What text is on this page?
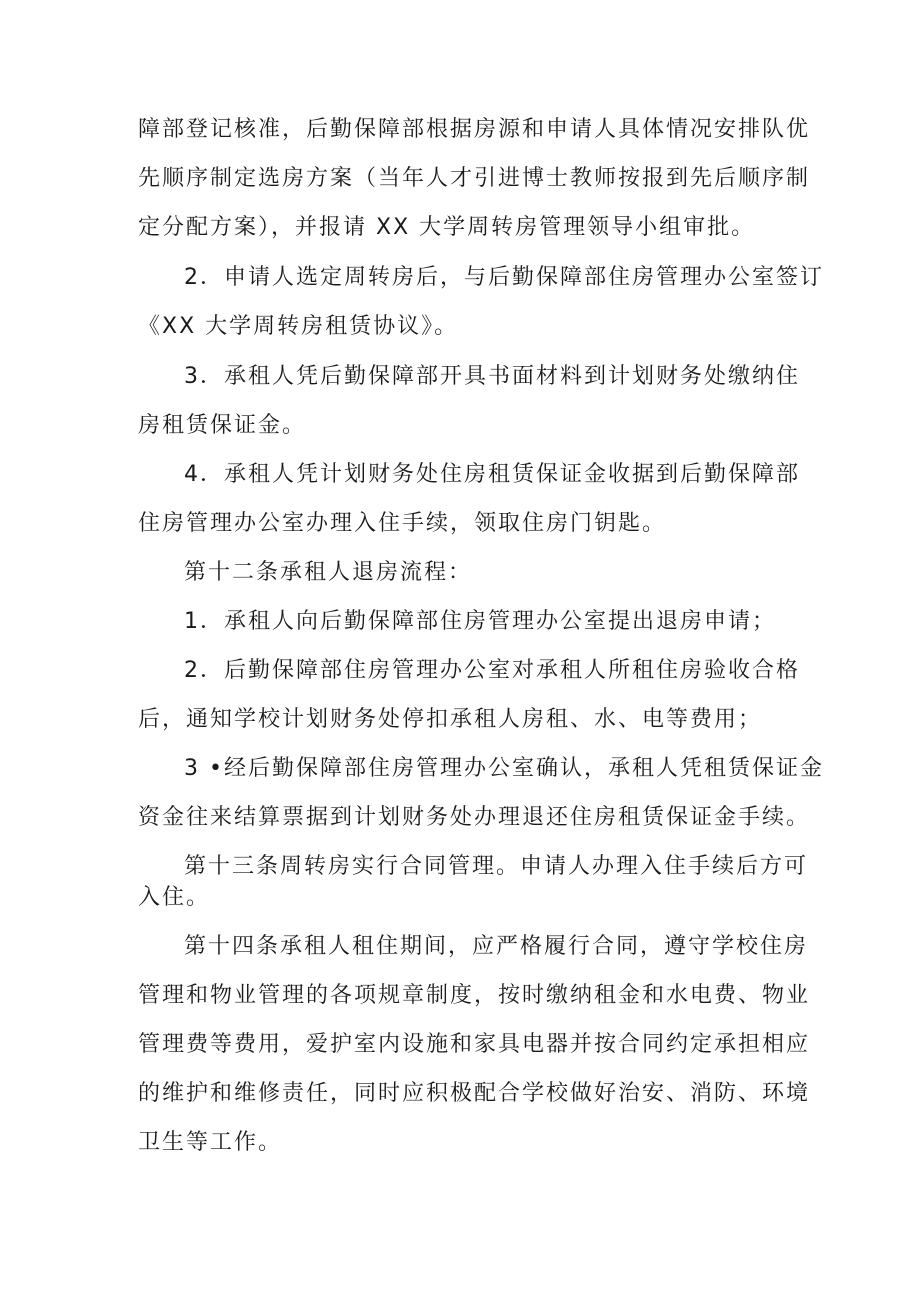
障部登记核准，后勤保障部根据房源和申请人具体情况安排队优
先顺序制定选房方案（当年人才引进博士教师按报到先后顺序制
定分配方案），并报请 XX 大学周转房管理领导小组审批。
2．申请人选定周转房后，与后勤保障部住房管理办公室签订
《XX 大学周转房租赁协议》。
3．承租人凭后勤保障部开具书面材料到计划财务处缴纳住
房租赁保证金。
4．承租人凭计划财务处住房租赁保证金收据到后勤保障部
住房管理办公室办理入住手续，领取住房门钥匙。
第十二条承租人退房流程：
1．承租人向后勤保障部住房管理办公室提出退房申请；
2．后勤保障部住房管理办公室对承租人所租住房验收合格
后，通知学校计划财务处停扣承租人房租、水、电等费用；
3 •经后勤保障部住房管理办公室确认，承租人凭租赁保证金
资金往来结算票据到计划财务处办理退还住房租赁保证金手续。
第十三条周转房实行合同管理。申请人办理入住手续后方可
入住。
第十四条承租人租住期间，应严格履行合同，遵守学校住房
管理和物业管理的各项规章制度，按时缴纳租金和水电费、物业
管理费等费用，爱护室内设施和家具电器并按合同约定承担相应
的维护和维修责任，同时应积极配合学校做好治安、消防、环境
卫生等工作。
